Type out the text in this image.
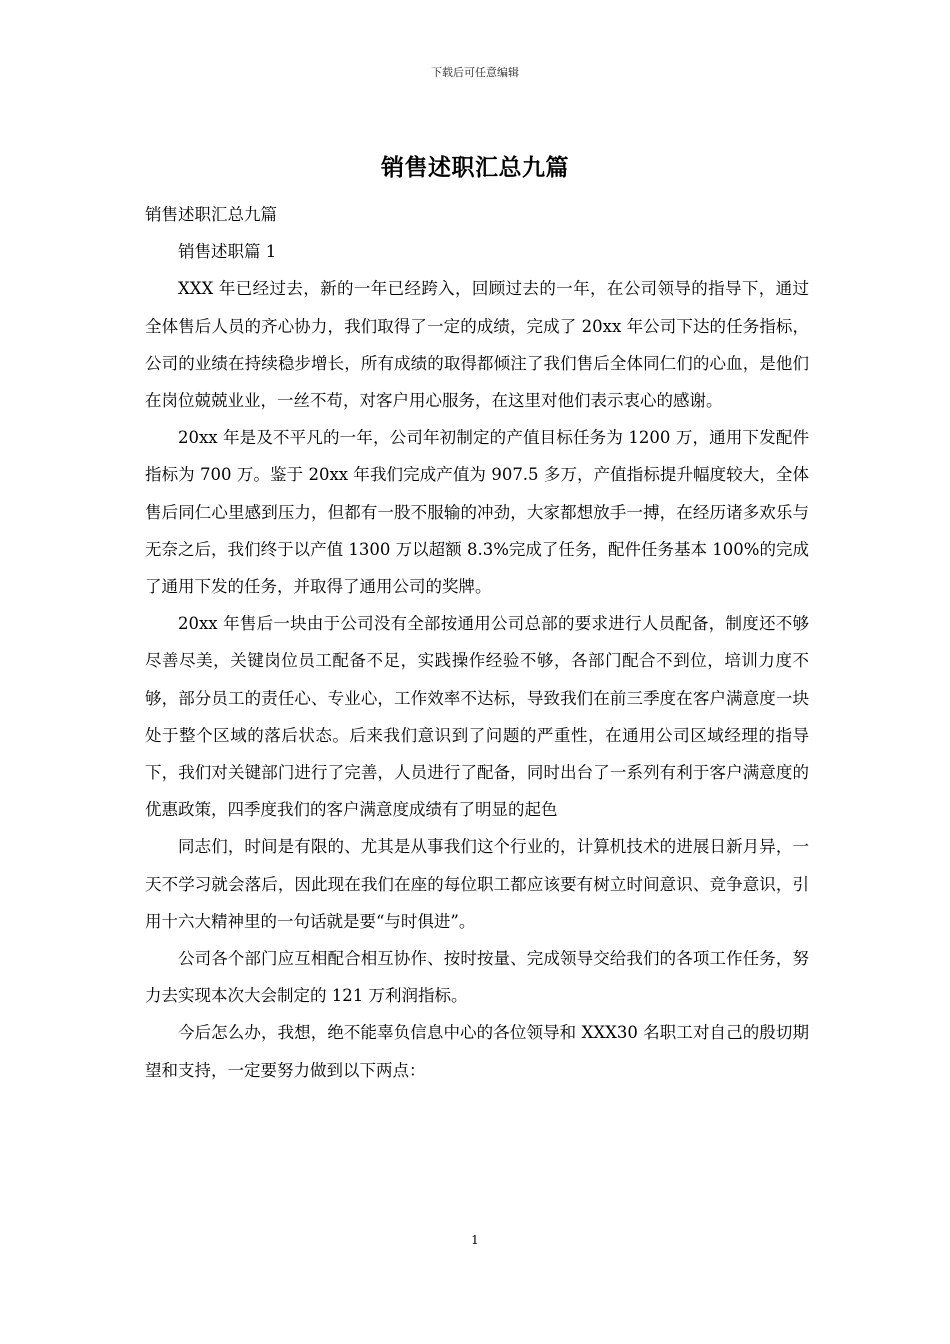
下载后可任意编辑
销售述职汇总九篇

销售述职汇总九篇

销售述职篇 1

XXX 年已经过去，新的一年已经跨入，回顾过去的一年，在公司领导的指导下，通过全体售后人员的齐心协力，我们取得了一定的成绩，完成了 20xx 年公司下达的任务指标，公司的业绩在持续稳步增长，所有成绩的取得都倾注了我们售后全体同仁们的心血，是他们在岗位兢兢业业，一丝不苟，对客户用心服务，在这里对他们表示衷心的感谢。

20xx 年是及不平凡的一年，公司年初制定的产值目标任务为 1200 万，通用下发配件指标为 700 万。鉴于 20xx 年我们完成产值为 907.5 多万，产值指标提升幅度较大，全体售后同仁心里感到压力，但都有一股不服输的冲劲，大家都想放手一搏，在经历诸多欢乐与无奈之后，我们终于以产值 1300 万以超额 8.3%完成了任务，配件任务基本 100%的完成了通用下发的任务，并取得了通用公司的奖牌。

20xx 年售后一块由于公司没有全部按通用公司总部的要求进行人员配备，制度还不够尽善尽美，关键岗位员工配备不足，实践操作经验不够，各部门配合不到位，培训力度不够，部分员工的责任心、专业心，工作效率不达标，导致我们在前三季度在客户满意度一块处于整个区域的落后状态。后来我们意识到了问题的严重性，在通用公司区域经理的指导下，我们对关键部门进行了完善，人员进行了配备，同时出台了一系列有利于客户满意度的优惠政策，四季度我们的客户满意度成绩有了明显的起色

同志们，时间是有限的、尤其是从事我们这个行业的，计算机技术的进展日新月异，一天不学习就会落后，因此现在我们在座的每位职工都应该要有树立时间意识、竞争意识，引用十六大精神里的一句话就是要“与时俱进”。

公司各个部门应互相配合相互协作、按时按量、完成领导交给我们的各项工作任务，努力去实现本次大会制定的 121 万利润指标。

今后怎么办，我想，绝不能辜负信息中心的各位领导和 XXX30 名职工对自己的殷切期望和支持，一定要努力做到以下两点：

1
